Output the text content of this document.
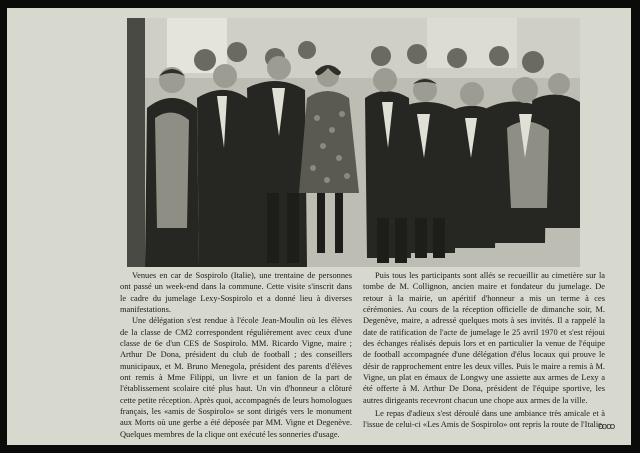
Venues en car de Sospirolo (Italie), une trentaine de personnes ont passé un week-end dans la commune. Cette visite s'inscrit dans le cadre du jumelage Lexy-Sospirolo et a donné lieu à diverses manifestations.

Une délégation s'est rendue à l'école Jean-Moulin où les élèves de la classe de CM2 correspondent régulièrement avec ceux d'une classe de 6e d'un CES de Sospirolo. MM. Ricardo Vigne, maire ; Arthur De Dona, président du club de football ; des conseillers municipaux, et M. Bruno Menegola, président des parents d'élèves ont remis à Mme Filippi, un livre et un fanion de la part de l'établissement scolaire cité plus haut. Un vin d'honneur a clôturé cette petite réception. Après quoi, accompagnés de leurs homologues français, les «amis de Sospirolo» se sont dirigés vers le monument aux Morts où une gerbe a été déposée par MM. Vigne et Degenève. Quelques membres de la clique ont exécuté les sonneries d'usage.

Puis tous les participants sont allés se recueillir au cimetière sur la tombe de M. Collignon, ancien maire et fondateur du jumelage. De retour à la mairie, un apéritif d'honneur a mis un terme à ces cérémonies. Au cours de la réception officielle de dimanche soir, M. Degenève, maire, a adressé quelques mots à ses invités. Il a rappelé la date de ratification de l'acte de jumelage le 25 avril 1970 et s'est réjoui des échanges réalisés depuis lors et en particulier la venue de l'équipe de football accompagnée d'une délégation d'élus locaux qui prouve le désir de rapprochement entre les deux villes. Puis le maire a remis à M. Vigne, un plat en émaux de Longwy une assiette aux armes de Lexy a été offerte à M. Arthur De Dona, président de l'équipe sportive, les autres dirigeants recevront chacun une chope aux armes de la ville.

Le repas d'adieux s'est déroulé dans une ambiance très amicale et à l'issue de celui-ci «Les Amis de Sospirolo» ont repris la route de l'Italie.

ꝏꝏ
